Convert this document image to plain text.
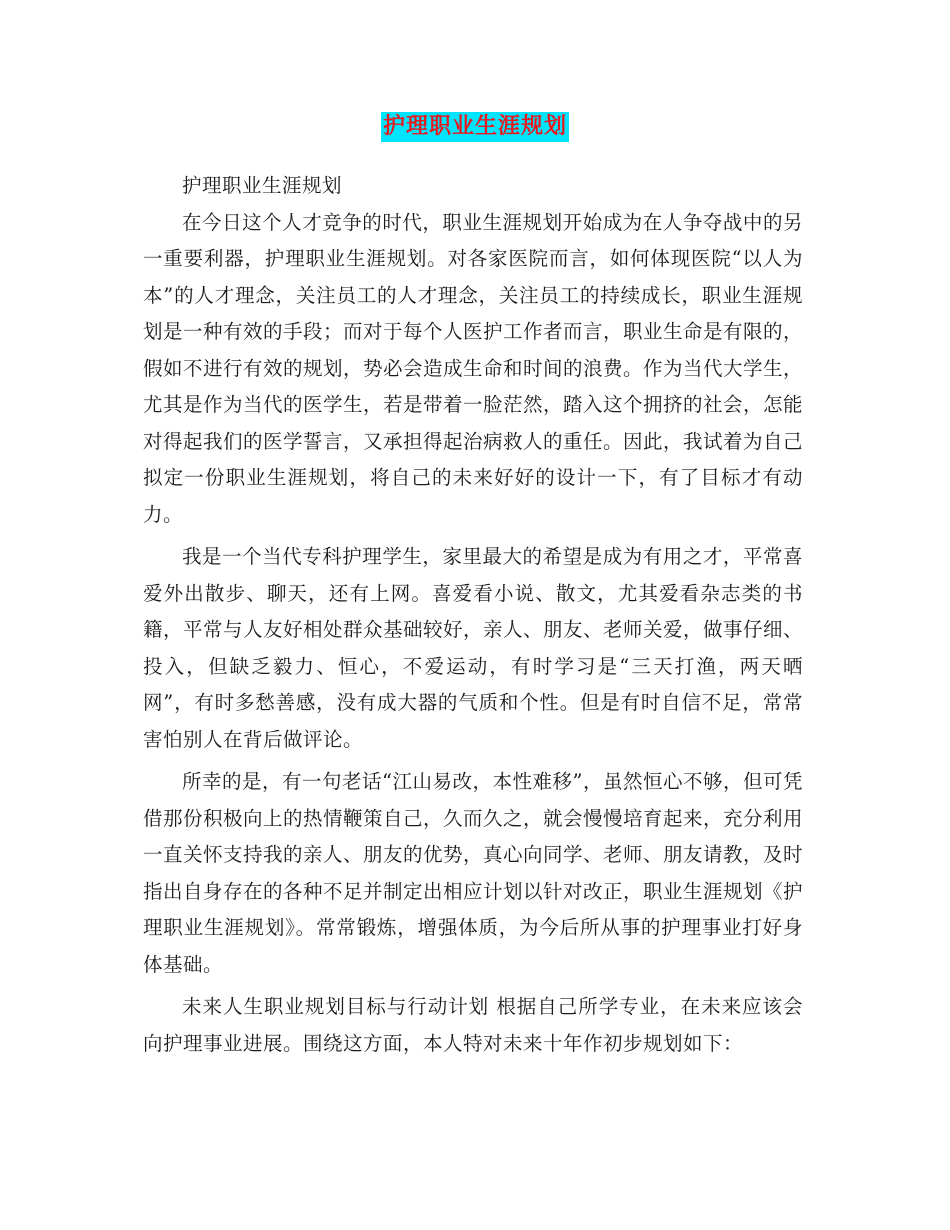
护理职业生涯规划

护理职业生涯规划

在今日这个人才竞争的时代，职业生涯规划开始成为在人争夺战中的另一重要利器，护理职业生涯规划。对各家医院而言，如何体现医院“以人为本”的人才理念，关注员工的人才理念，关注员工的持续成长，职业生涯规划是一种有效的手段；而对于每个人医护工作者而言，职业生命是有限的，假如不进行有效的规划，势必会造成生命和时间的浪费。作为当代大学生，尤其是作为当代的医学生，若是带着一脸茫然，踏入这个拥挤的社会，怎能对得起我们的医学誓言，又承担得起治病救人的重任。因此，我试着为自己拟定一份职业生涯规划，将自己的未来好好的设计一下，有了目标才有动力。

我是一个当代专科护理学生，家里最大的希望是成为有用之才，平常喜爱外出散步、聊天，还有上网。喜爱看小说、散文，尤其爱看杂志类的书籍，平常与人友好相处群众基础较好，亲人、朋友、老师关爱，做事仔细、投入，但缺乏毅力、恒心，不爱运动，有时学习是“三天打渔，两天晒网”，有时多愁善感，没有成大器的气质和个性。但是有时自信不足，常常害怕别人在背后做评论。

所幸的是，有一句老话“江山易改，本性难移”，虽然恒心不够，但可凭借那份积极向上的热情鞭策自己，久而久之，就会慢慢培育起来，充分利用一直关怀支持我的亲人、朋友的优势，真心向同学、老师、朋友请教，及时指出自身存在的各种不足并制定出相应计划以针对改正，职业生涯规划《护理职业生涯规划》。常常锻炼，增强体质，为今后所从事的护理事业打好身体基础。

未来人生职业规划目标与行动计划 根据自己所学专业，在未来应该会向护理事业进展。围绕这方面，本人特对未来十年作初步规划如下：
